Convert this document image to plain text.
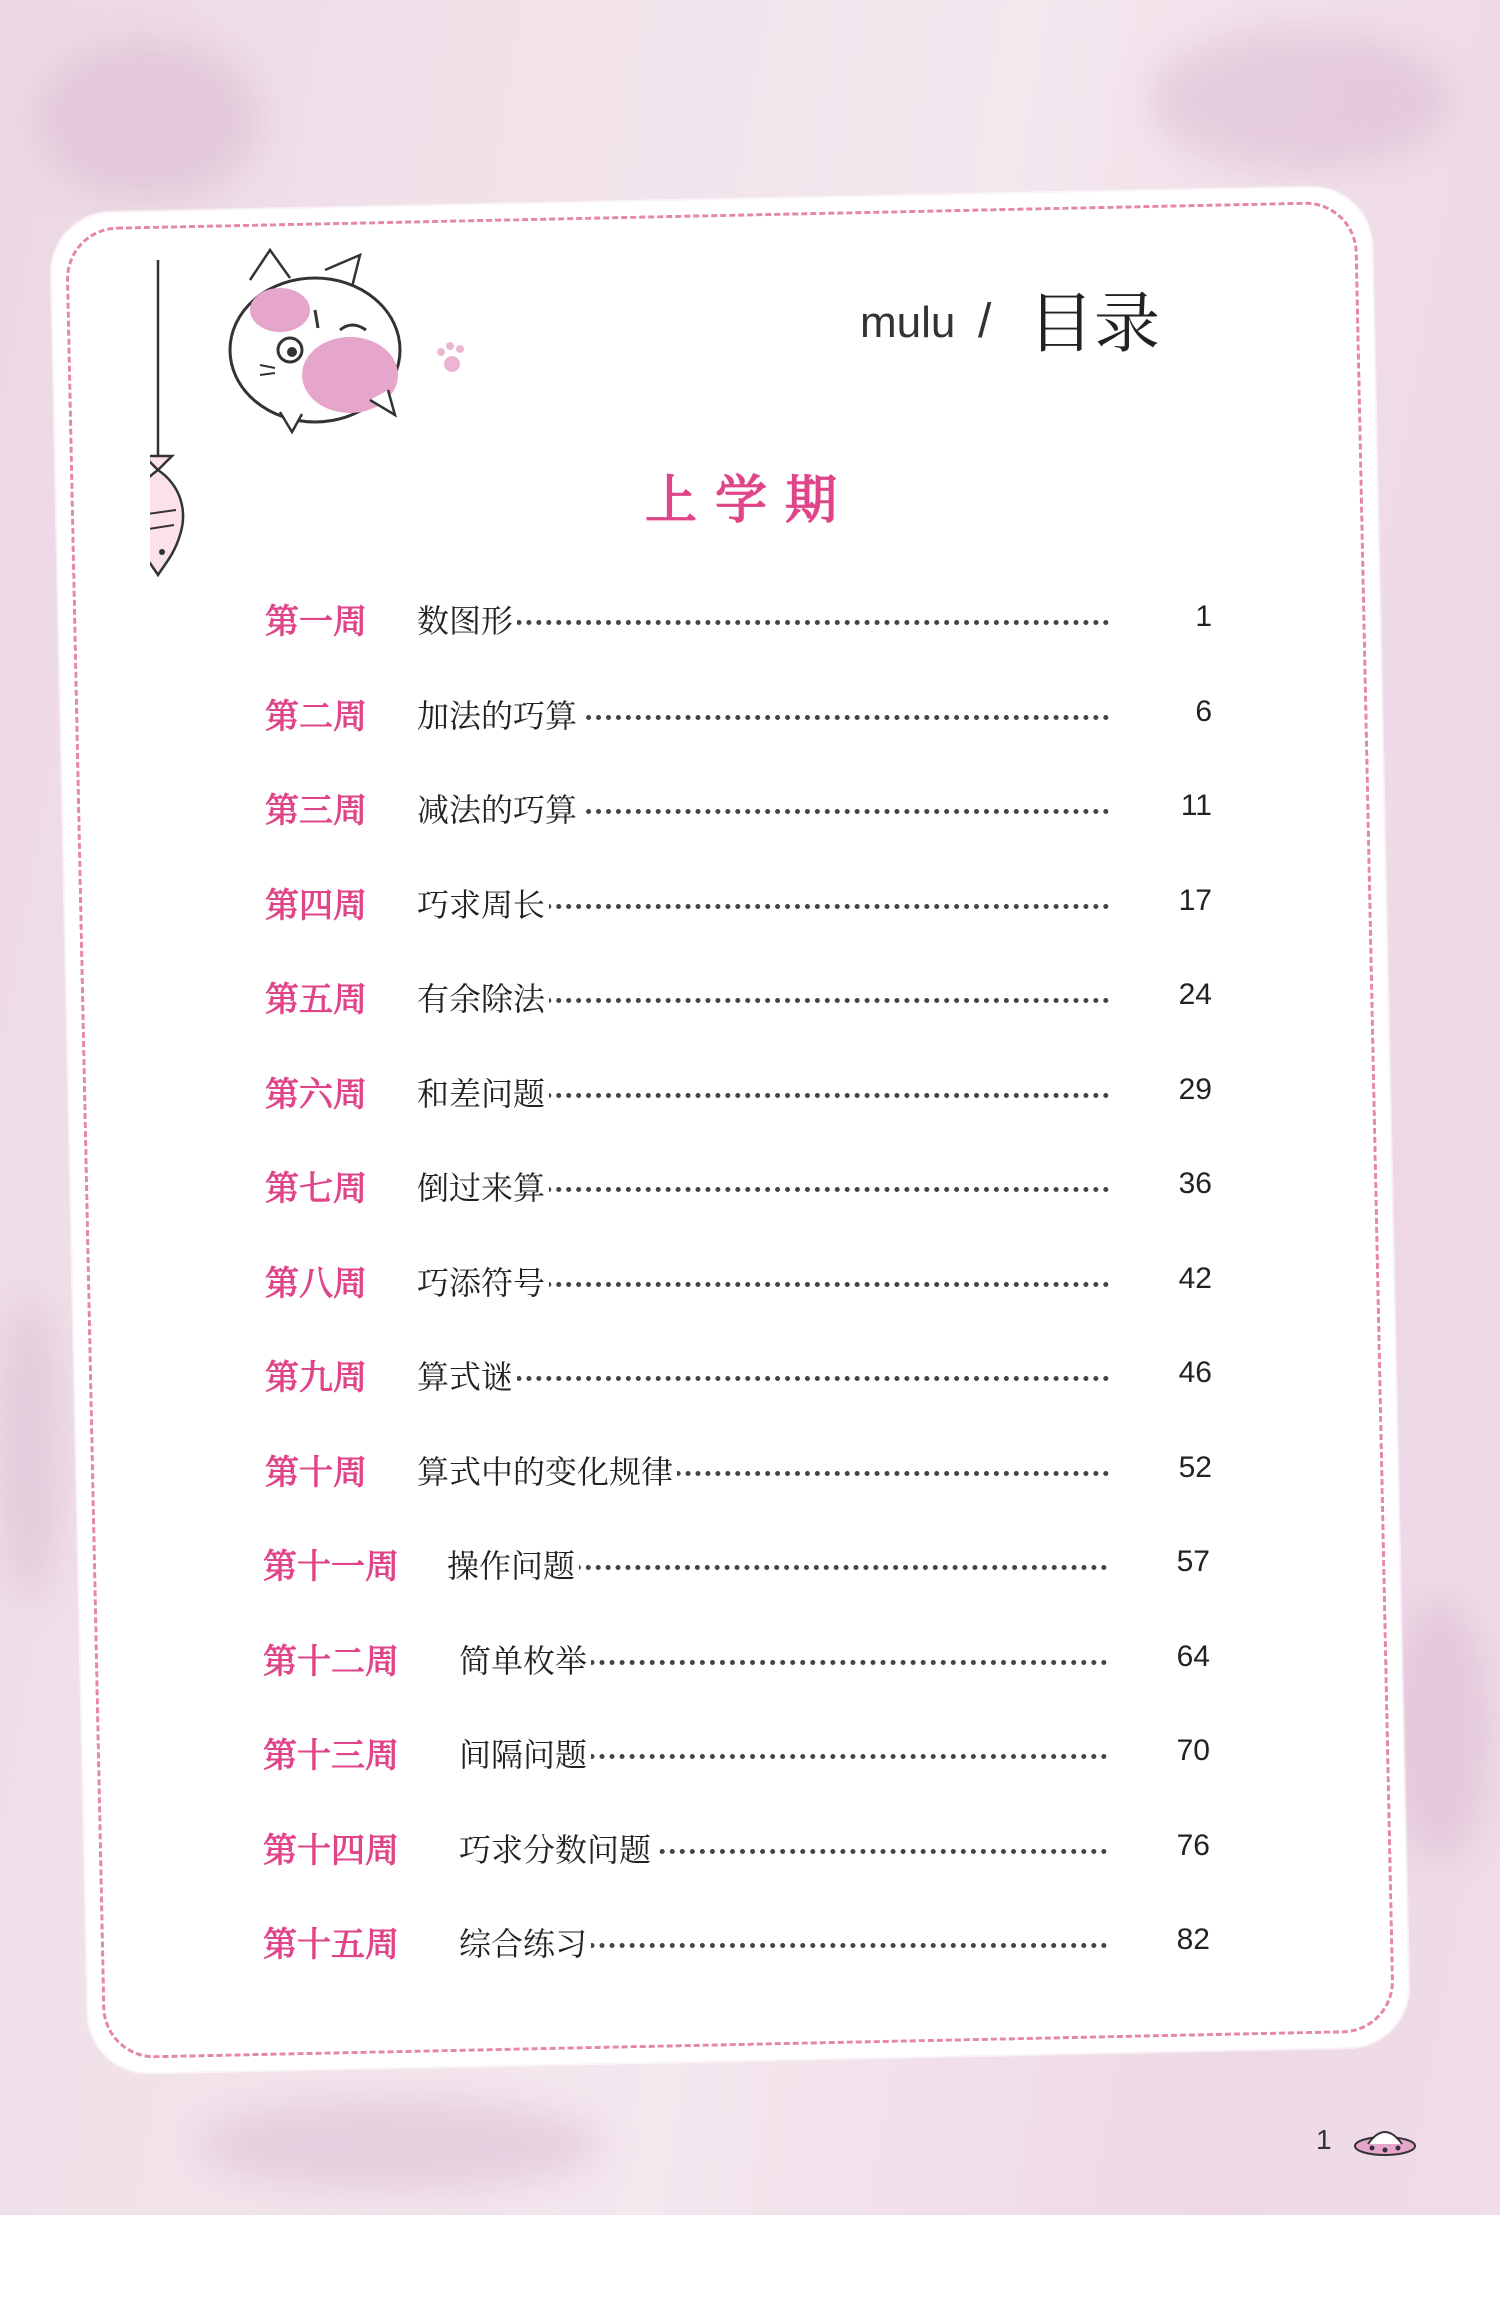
mulu / 目录
上学期
第一周 数图形	1
第二周 加法的巧算	6
第三周 减法的巧算	11
第四周 巧求周长	17
第五周 有余除法	24
第六周 和差问题	29
第七周 倒过来算	36
第八周 巧添符号	42
第九周 算式谜	46
第十周 算式中的变化规律	52
第十一周 操作问题	57
第十二周 简单枚举	64
第十三周 间隔问题	70
第十四周 巧求分数问题	76
第十五周 综合练习	82
1
